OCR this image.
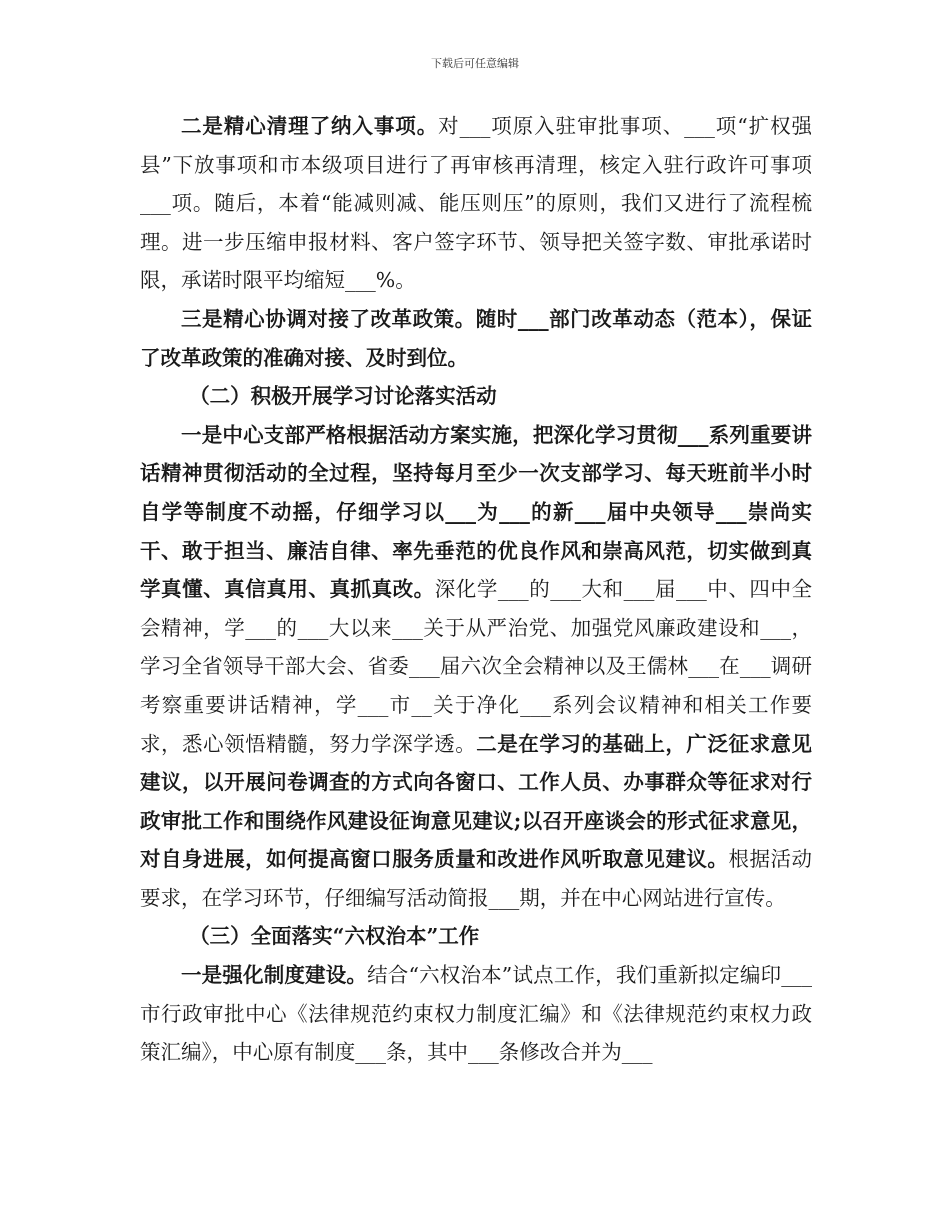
下载后可任意编辑

二是精心清理了纳入事项。对___项原入驻审批事项、___项“扩权强县”下放事项和市本级项目进行了再审核再清理，核定入驻行政许可事项___项。随后，本着“能减则减、能压则压”的原则，我们又进行了流程梳理。进一步压缩申报材料、客户签字环节、领导把关签字数、审批承诺时限，承诺时限平均缩短___%。

三是精心协调对接了改革政策。随时___部门改革动态（范本），保证了改革政策的准确对接、及时到位。

（二）积极开展学习讨论落实活动

一是中心支部严格根据活动方案实施，把深化学习贯彻___系列重要讲话精神贯彻活动的全过程，坚持每月至少一次支部学习、每天班前半小时自学等制度不动摇，仔细学习以___为___的新___届中央领导___崇尚实干、敢于担当、廉洁自律、率先垂范的优良作风和崇高风范，切实做到真学真懂、真信真用、真抓真改。深化学___的___大和___届___中、四中全会精神，学___的___大以来___关于从严治党、加强党风廉政建设和___，学习全省领导干部大会、省委___届六次全会精神以及王儒林___在___调研考察重要讲话精神，学___市__关于净化___系列会议精神和相关工作要求，悉心领悟精髓，努力学深学透。二是在学习的基础上，广泛征求意见建议，以开展问卷调查的方式向各窗口、工作人员、办事群众等征求对行政审批工作和围绕作风建设征询意见建议;以召开座谈会的形式征求意见，对自身进展，如何提高窗口服务质量和改进作风听取意见建议。根据活动要求，在学习环节，仔细编写活动简报___期，并在中心网站进行宣传。

（三）全面落实“六权治本”工作

一是强化制度建设。结合“六权治本”试点工作，我们重新拟定编印___市行政审批中心《法律规范约束权力制度汇编》和《法律规范约束权力政策汇编》，中心原有制度___条，其中___条修改合并为___
